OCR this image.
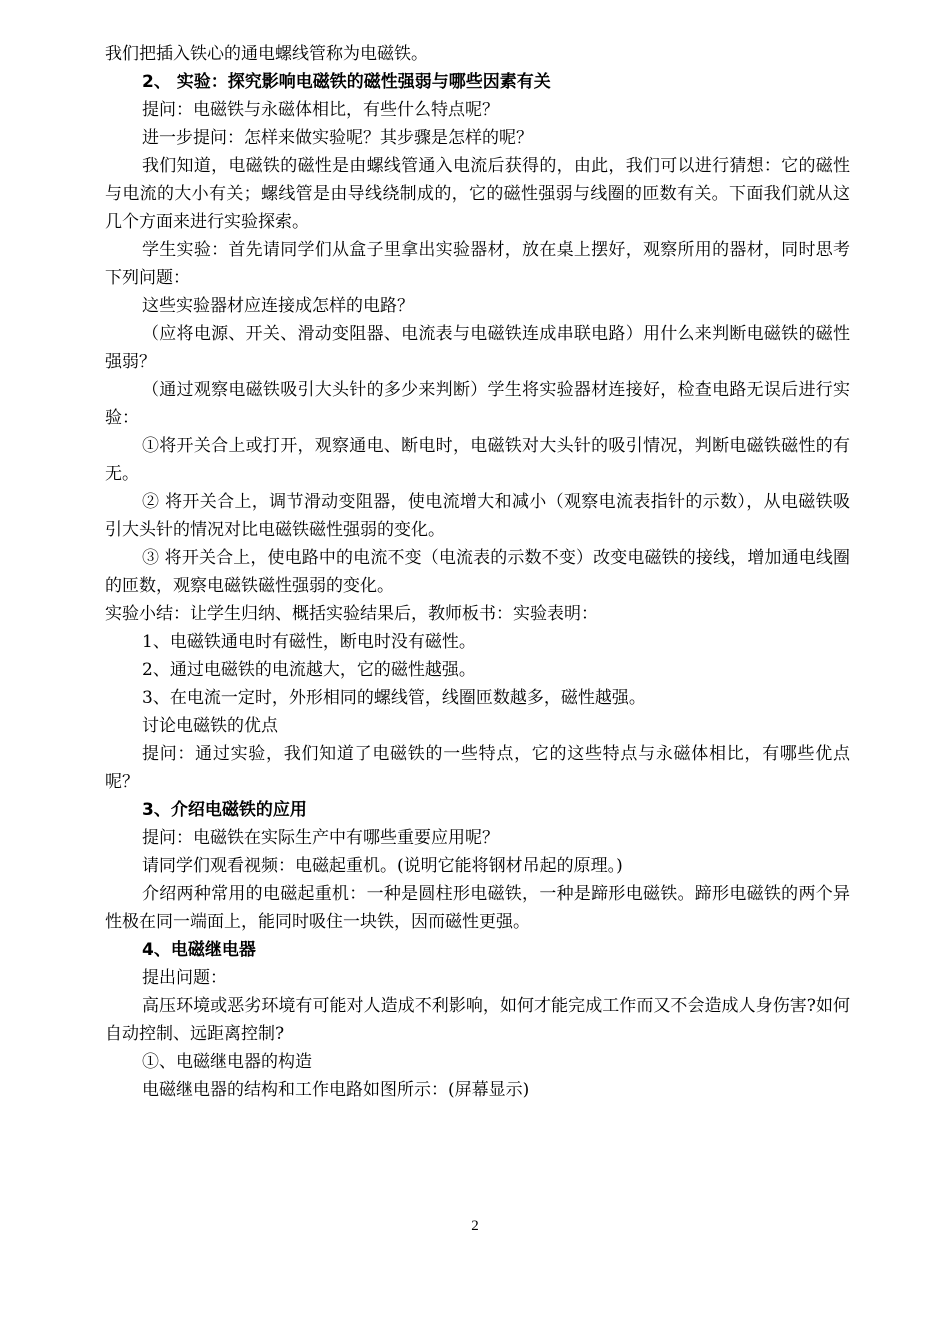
我们把插入铁心的通电螺线管称为电磁铁。

2、 实验：探究影响电磁铁的磁性强弱与哪些因素有关

提问：电磁铁与永磁体相比，有些什么特点呢？

进一步提问：怎样来做实验呢？其步骤是怎样的呢？

我们知道，电磁铁的磁性是由螺线管通入电流后获得的，由此，我们可以进行猜想：它的磁性与电流的大小有关；螺线管是由导线绕制成的，它的磁性强弱与线圈的匝数有关。下面我们就从这几个方面来进行实验探索。

学生实验：首先请同学们从盒子里拿出实验器材，放在桌上摆好，观察所用的器材，同时思考下列问题：

这些实验器材应连接成怎样的电路？

（应将电源、开关、滑动变阻器、电流表与电磁铁连成串联电路）用什么来判断电磁铁的磁性强弱？

（通过观察电磁铁吸引大头针的多少来判断）学生将实验器材连接好，检查电路无误后进行实验：

①将开关合上或打开，观察通电、断电时，电磁铁对大头针的吸引情况，判断电磁铁磁性的有无。

② 将开关合上，调节滑动变阻器，使电流增大和减小（观察电流表指针的示数），从电磁铁吸引大头针的情况对比电磁铁磁性强弱的变化。

③ 将开关合上，使电路中的电流不变（电流表的示数不变）改变电磁铁的接线，增加通电线圈的匝数，观察电磁铁磁性强弱的变化。

实验小结：让学生归纳、概括实验结果后，教师板书：实验表明：

1、电磁铁通电时有磁性，断电时没有磁性。

2、通过电磁铁的电流越大，它的磁性越强。

3、在电流一定时，外形相同的螺线管，线圈匝数越多，磁性越强。

讨论电磁铁的优点

提问：通过实验，我们知道了电磁铁的一些特点，它的这些特点与永磁体相比，有哪些优点呢？

3、介绍电磁铁的应用

提问：电磁铁在实际生产中有哪些重要应用呢？

请同学们观看视频：电磁起重机。(说明它能将钢材吊起的原理。)

介绍两种常用的电磁起重机：一种是圆柱形电磁铁，一种是蹄形电磁铁。蹄形电磁铁的两个异性极在同一端面上，能同时吸住一块铁，因而磁性更强。

4、电磁继电器

提出问题：

高压环境或恶劣环境有可能对人造成不利影响，如何才能完成工作而又不会造成人身伤害?如何自动控制、远距离控制?

①、电磁继电器的构造

电磁继电器的结构和工作电路如图所示：(屏幕显示)

2
